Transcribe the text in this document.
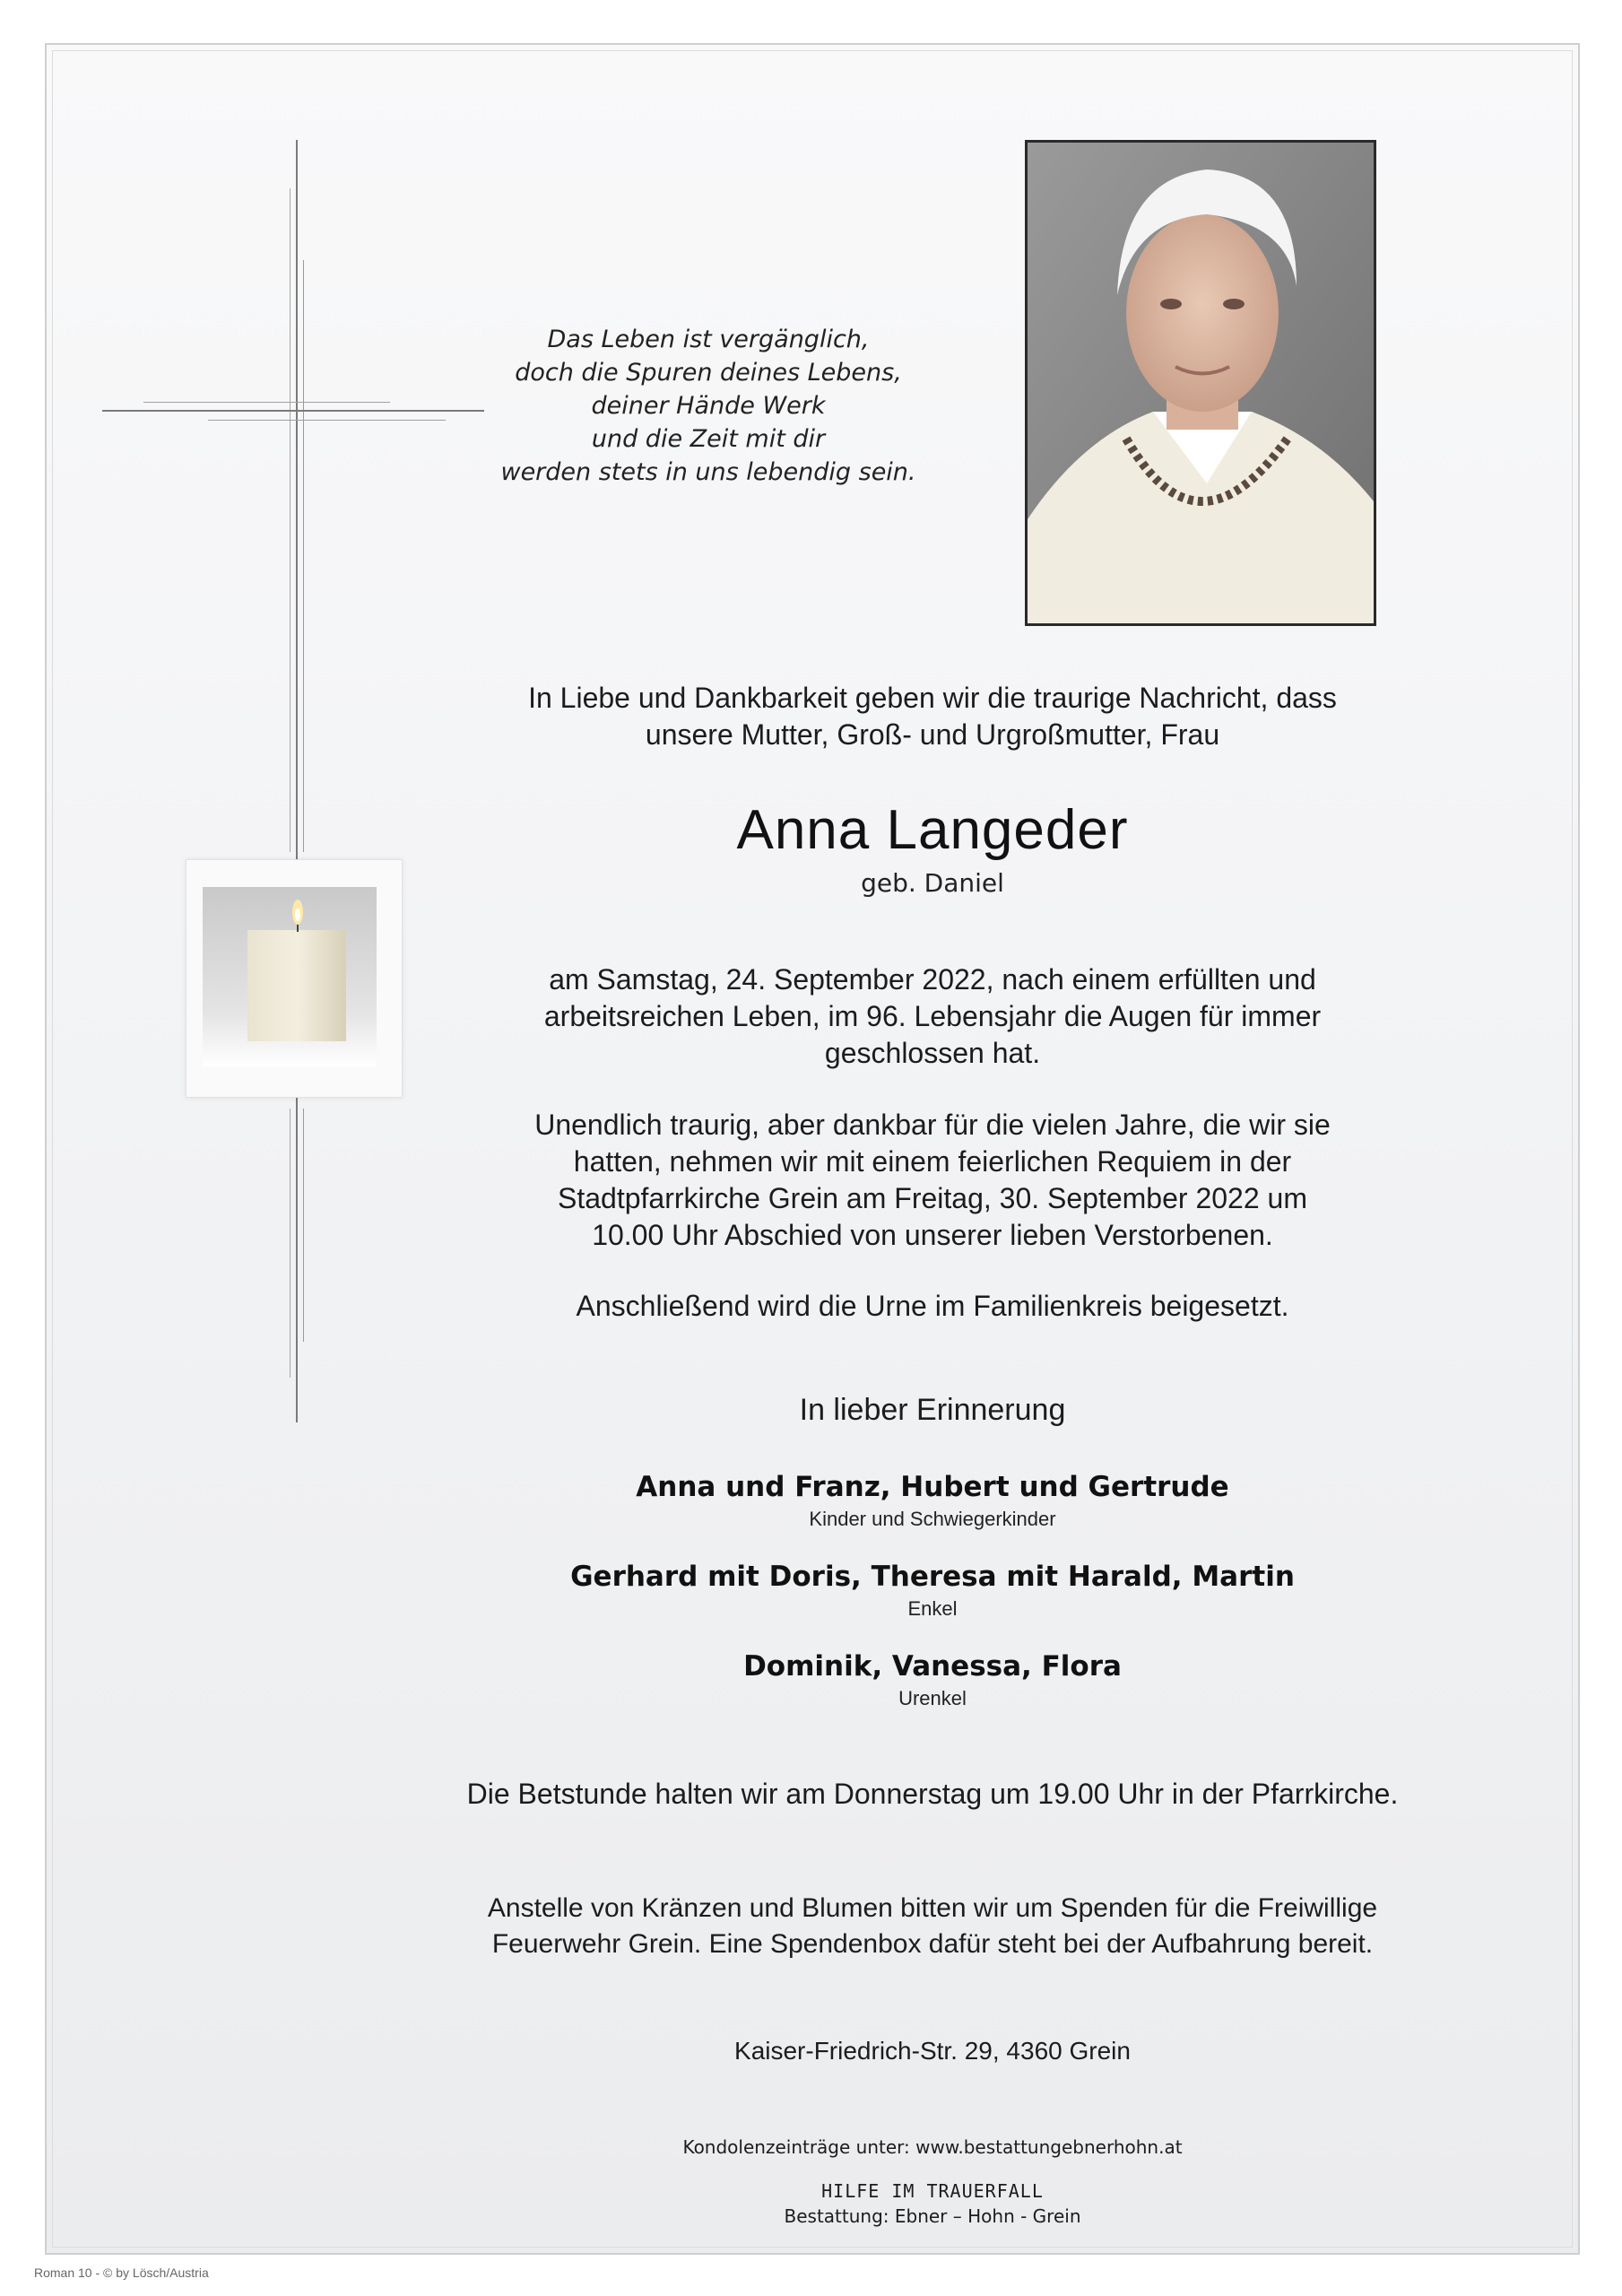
Das Leben ist vergänglich,
doch die Spuren deines Lebens,
deiner Hände Werk
und die Zeit mit dir
werden stets in uns lebendig sein.
In Liebe und Dankbarkeit geben wir die traurige Nachricht, dass
unsere Mutter, Groß- und Urgroßmutter, Frau
Anna Langeder
geb. Daniel
am Samstag, 24. September 2022, nach einem erfüllten und
arbeitsreichen Leben, im 96. Lebensjahr die Augen für immer
geschlossen hat.
Unendlich traurig, aber dankbar für die vielen Jahre, die wir sie
hatten, nehmen wir mit einem feierlichen Requiem in der
Stadtpfarrkirche Grein am Freitag, 30. September 2022 um
10.00 Uhr Abschied von unserer lieben Verstorbenen.
Anschließend wird die Urne im Familienkreis beigesetzt.
In lieber Erinnerung
Anna und Franz, Hubert und Gertrude
Kinder und Schwiegerkinder
Gerhard mit Doris, Theresa mit Harald, Martin
Enkel
Dominik, Vanessa, Flora
Urenkel
Die Betstunde halten wir am Donnerstag um 19.00 Uhr in der Pfarrkirche.
Anstelle von Kränzen und Blumen bitten wir um Spenden für die Freiwillige
Feuerwehr Grein. Eine Spendenbox dafür steht bei der Aufbahrung bereit.
Kaiser-Friedrich-Str. 29, 4360 Grein
Kondolenzeinträge unter: www.bestattungebnerhohn.at
HILFE IM TRAUERFALL
Bestattung: Ebner – Hohn - Grein
Roman 10 - © by Lösch/Austria
